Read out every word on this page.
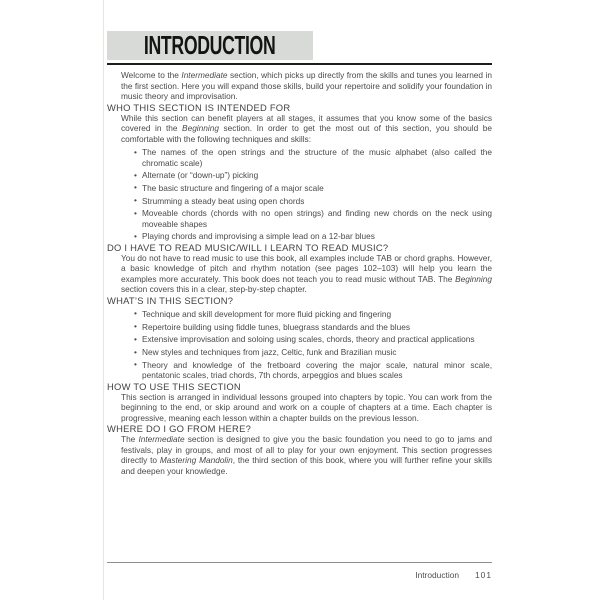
INTRODUCTION

Welcome to the Intermediate section, which picks up directly from the skills and tunes you learned in the first section. Here you will expand those skills, build your repertoire and solidify your foundation in music theory and improvisation.

WHO THIS SECTION IS INTENDED FOR

While this section can benefit players at all stages, it assumes that you know some of the basics covered in the Beginning section. In order to get the most out of this section, you should be comfortable with the following techniques and skills:

• The names of the open strings and the structure of the music alphabet (also called the chromatic scale)
• Alternate (or “down-up”) picking
• The basic structure and fingering of a major scale
• Strumming a steady beat using open chords
• Moveable chords (chords with no open strings) and finding new chords on the neck using moveable shapes
• Playing chords and improvising a simple lead on a 12-bar blues
DO I HAVE TO READ MUSIC/WILL I LEARN TO READ MUSIC?

You do not have to read music to use this book, all examples include TAB or chord graphs. However, a basic knowledge of pitch and rhythm notation (see pages 102–103) will help you learn the examples more accurately. This book does not teach you to read music without TAB. The Beginning section covers this in a clear, step-by-step chapter.

WHAT’S IN THIS SECTION?
• Technique and skill development for more fluid picking and fingering
• Repertoire building using fiddle tunes, bluegrass standards and the blues
• Extensive improvisation and soloing using scales, chords, theory and practical applications
• New styles and techniques from jazz, Celtic, funk and Brazilian music
• Theory and knowledge of the fretboard covering the major scale, natural minor scale, pentatonic scales, triad chords, 7th chords, arpeggios and blues scales
HOW TO USE THIS SECTION

This section is arranged in individual lessons grouped into chapters by topic. You can work from the beginning to the end, or skip around and work on a couple of chapters at a time. Each chapter is progressive, meaning each lesson within a chapter builds on the previous lesson.

WHERE DO I GO FROM HERE?

The Intermediate section is designed to give you the basic foundation you need to go to jams and festivals, play in groups, and most of all to play for your own enjoyment. This section progresses directly to Mastering Mandolin, the third section of this book, where you will further refine your skills and deepen your knowledge.

Introduction 101
